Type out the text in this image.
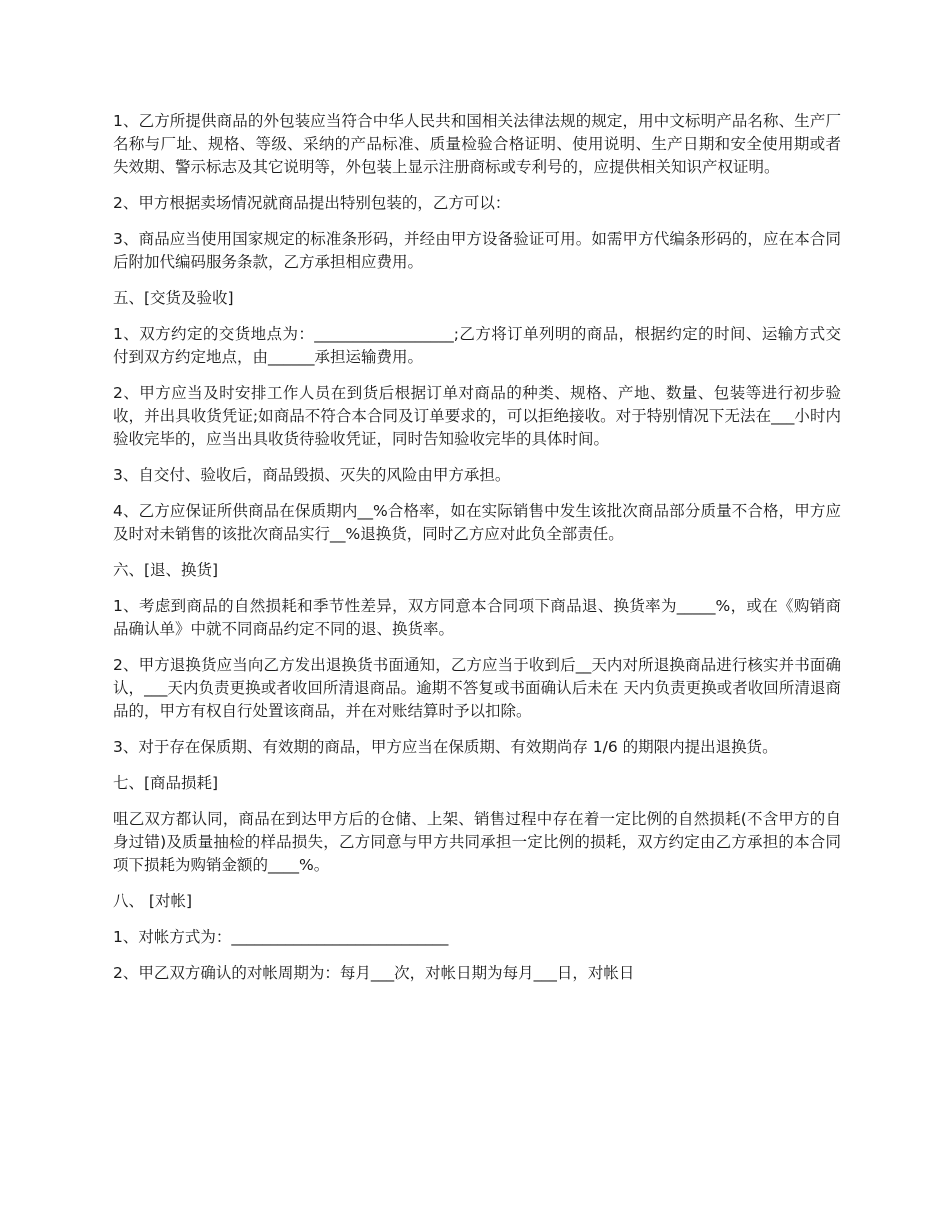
1、乙方所提供商品的外包装应当符合中华人民共和国相关法律法规的规定，用中文标明产品名称、生产厂名称与厂址、规格、等级、采纳的产品标准、质量检验合格证明、使用说明、生产日期和安全使用期或者失效期、警示标志及其它说明等，外包装上显示注册商标或专利号的，应提供相关知识产权证明。

2、甲方根据卖场情况就商品提出特别包装的，乙方可以：

3、商品应当使用国家规定的标准条形码，并经由甲方设备验证可用。如需甲方代编条形码的，应在本合同后附加代编码服务条款，乙方承担相应费用。

五、[交货及验收]

1、双方约定的交货地点为：__________________;乙方将订单列明的商品，根据约定的时间、运输方式交付到双方约定地点，由______承担运输费用。

2、甲方应当及时安排工作人员在到货后根据订单对商品的种类、规格、产地、数量、包装等进行初步验收，并出具收货凭证;如商品不符合本合同及订单要求的，可以拒绝接收。对于特别情况下无法在___小时内验收完毕的，应当出具收货待验收凭证，同时告知验收完毕的具体时间。

3、自交付、验收后，商品毁损、灭失的风险由甲方承担。

4、乙方应保证所供商品在保质期内__%合格率，如在实际销售中发生该批次商品部分质量不合格，甲方应及时对未销售的该批次商品实行__%退换货，同时乙方应对此负全部责任。

六、[退、换货]

1、考虑到商品的自然损耗和季节性差异，双方同意本合同项下商品退、换货率为_____%，或在《购销商品确认单》中就不同商品约定不同的退、换货率。

2、甲方退换货应当向乙方发出退换货书面通知，乙方应当于收到后__天内对所退换商品进行核实并书面确认，___天内负责更换或者收回所清退商品。逾期不答复或书面确认后未在 天内负责更换或者收回所清退商品的，甲方有权自行处置该商品，并在对账结算时予以扣除。

3、对于存在保质期、有效期的商品，甲方应当在保质期、有效期尚存 1/6 的期限内提出退换货。

七、[商品损耗]

咀乙双方都认同，商品在到达甲方后的仓储、上架、销售过程中存在着一定比例的自然损耗(不含甲方的自身过错)及质量抽检的样品损失，乙方同意与甲方共同承担一定比例的损耗，双方约定由乙方承担的本合同项下损耗为购销金额的____%。

八、 [对帐]

1、对帐方式为：____________________________

2、甲乙双方确认的对帐周期为：每月___次，对帐日期为每月___日，对帐日
